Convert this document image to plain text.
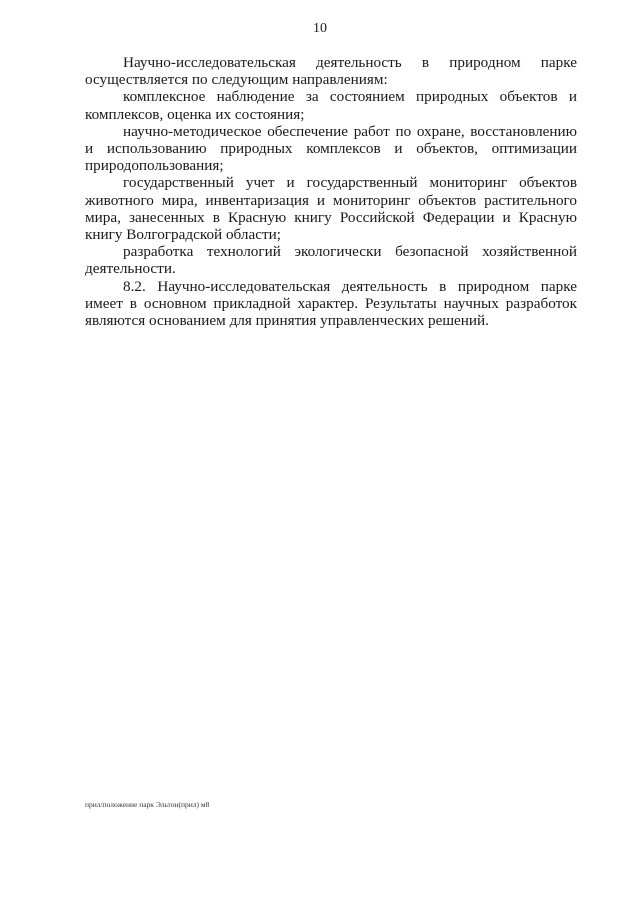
10

Научно-исследовательская деятельность в природном парке осуществляется по следующим направлениям:

комплексное наблюдение за состоянием природных объектов и комплексов, оценка их состояния;

научно-методическое обеспечение работ по охране, восстановлению и использованию природных комплексов и объектов, оптимизации природопользования;

государственный учет и государственный мониторинг объектов животного мира, инвентаризация и мониторинг объектов растительного мира, занесенных в Красную книгу Российской Федерации и Красную книгу Волгоградской области;

разработка технологий экологически безопасной хозяйственной деятельности.

8.2. Научно-исследовательская деятельность в природном парке имеет в основном прикладной характер. Результаты научных разработок являются основанием для принятия управленческих решений.

прил/положение парк Эльтон(прил) м8
